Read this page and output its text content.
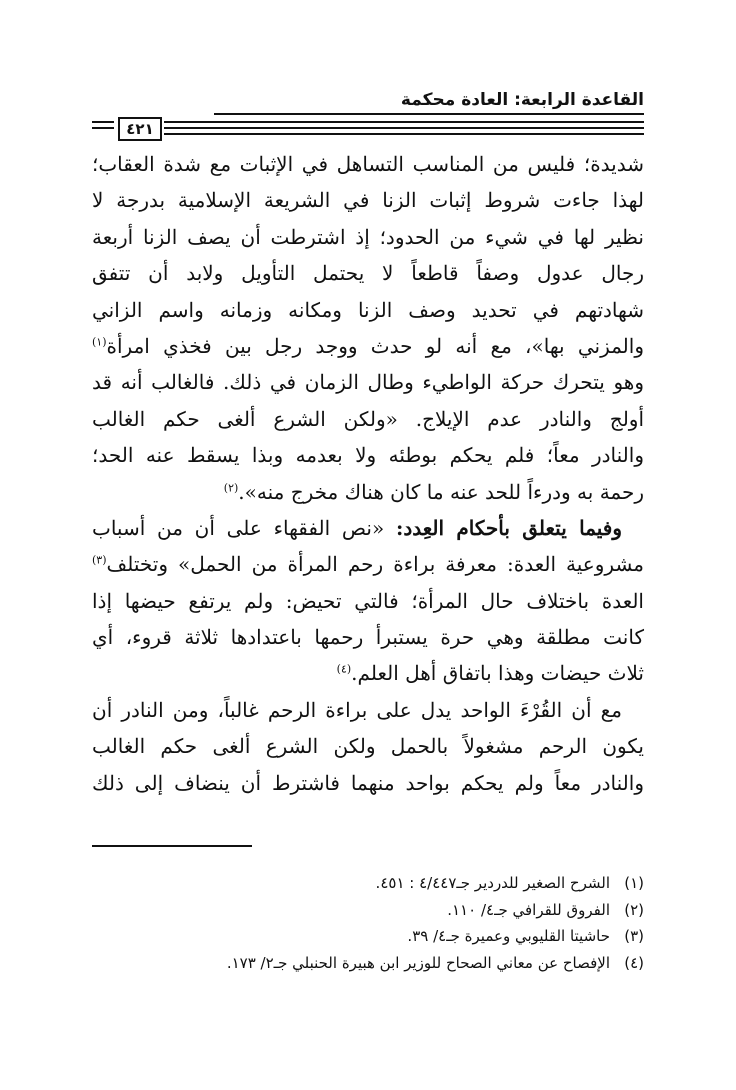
القاعدة الرابعة: العادة محكمة
٤٢١
شديدة؛ فليس من المناسب التساهل في الإثبات مع شدة العقاب؛
لهذا جاءت شروط إثبات الزنا في الشريعة الإسلامية بدرجة لا
نظير لها في شيء من الحدود؛ إذ اشترطت أن يصف الزنا أربعة
رجال عدول وصفاً قاطعاً لا يحتمل التأويل ولابد أن تتفق
شهادتهم في تحديد وصف الزنا ومكانه وزمانه واسم الزاني
والمزني بها»، مع أنه لو حدث ووجد رجل بين فخذي امرأة$^{(١)}$
وهو يتحرك حركة الواطيء وطال الزمان في ذلك. فالغالب أنه قد
أولج والنادر عدم الإيلاج. «ولكن الشرع ألغى حكم الغالب
والنادر معاً؛ فلم يحكم بوطئه ولا بعدمه وبذا يسقط عنه الحد؛
رحمة به ودرءاً للحد عنه ما كان هناك مخرج منه».$^{(٢)}$
وفيما يتعلق بأحكام العِدد: «نص الفقهاء على أن من أسباب
مشروعية العدة: معرفة براءة رحم المرأة من الحمل» وتختلف$^{(٣)}$
العدة باختلاف حال المرأة؛ فالتي تحيض: ولم يرتفع حيضها إذا
كانت مطلقة وهي حرة يستبرأ رحمها باعتدادها ثلاثة قروء، أي
ثلاث حيضات وهذا باتفاق أهل العلم.$^{(٤)}$
مع أن القُرْءَ الواحد يدل على براءة الرحم غالباً، ومن النادر أن
يكون الرحم مشغولاً بالحمل ولكن الشرع ألغى حكم الغالب
والنادر معاً ولم يحكم بواحد منهما فاشترط أن ينضاف إلى ذلك
(١)الشرح الصغير للدردير جـ٤/٤٤٧ : ٤٥١.
(٢)الفروق للقرافي جـ٤/ ١١٠.
(٣)حاشيتا القليوبي وعميرة جـ٤/ ٣٩.
(٤)الإفصاح عن معاني الصحاح للوزير ابن هبيرة الحنبلي جـ٢/ ١٧٣.
